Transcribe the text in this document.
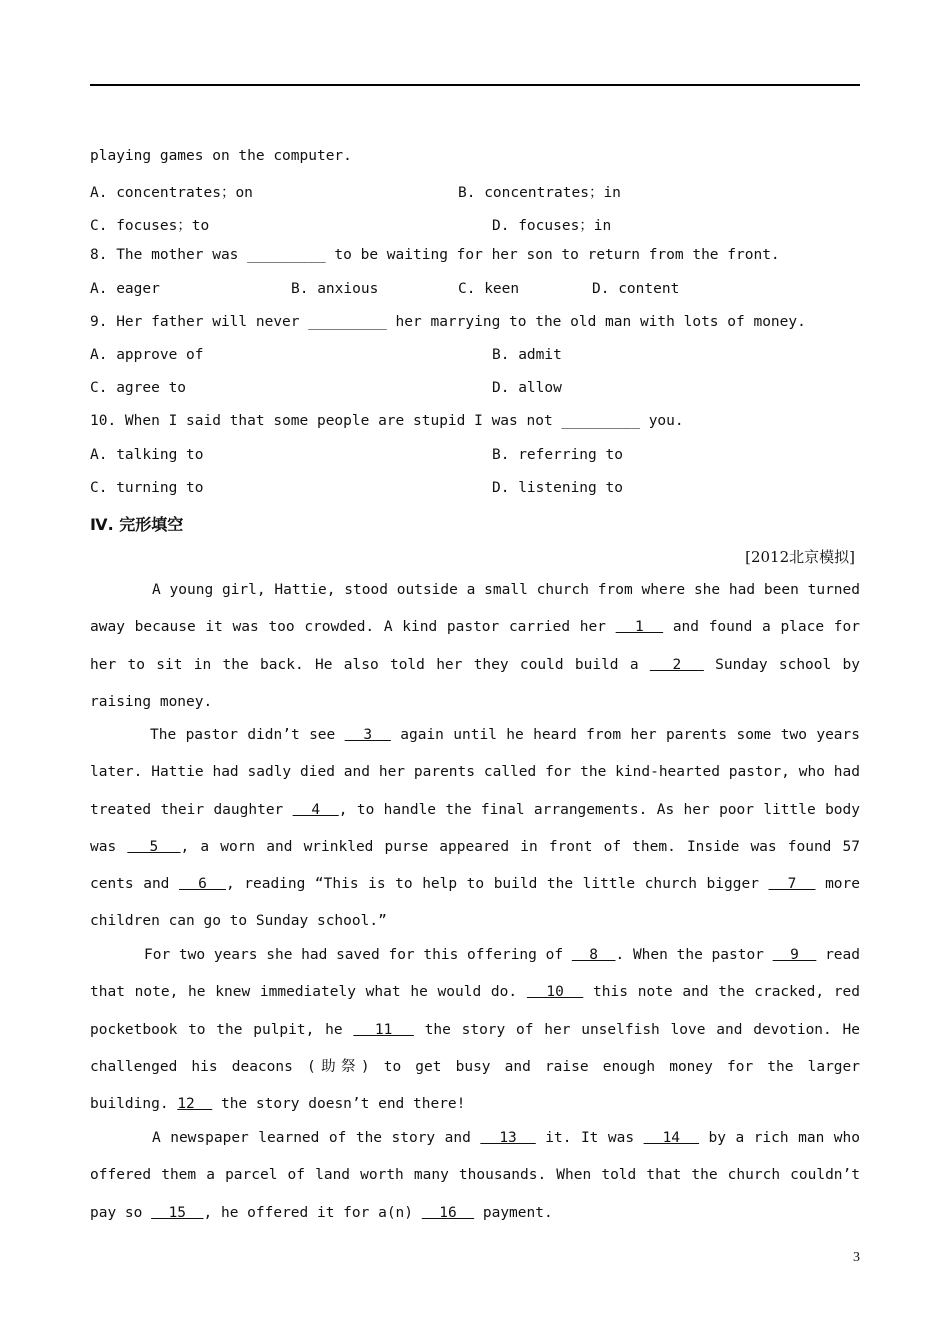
playing games on the computer.
A. concentrates；on	B. concentrates；in
C. focuses；to	D. focuses；in
8. The mother was _________ to be waiting for her son to return from the front.
A. eager	B. anxious	C. keen	D. content
9. Her father will never _________ her marrying to the old man with lots of money.
A. approve of	B. admit
C. agree to	D. allow
10. When I said that some people are stupid I was not _________ you.
A. talking to	B. referring to
C. turning to	D. listening to
Ⅳ. 完形填空
[2012北京模拟]

A young girl, Hattie, stood outside a small church from where she had been turned away because it was too crowded. A kind pastor carried her   1   and found a place for her to sit in the back. He also told her they could build a   2   Sunday school by raising money.

The pastor didn’t see   3   again until he heard from her parents some two years later. Hattie had sadly died and her parents called for the kind-hearted pastor, who had treated their daughter   4  , to handle the final arrangements. As her poor little body was   5  , a worn and wrinkled purse appeared in front of them. Inside was found 57 cents and   6  , reading “This is to help to build the little church bigger   7   more children can go to Sunday school.”

For two years she had saved for this offering of   8  . When the pastor   9   read that note, he knew immediately what he would do.   10   this note and the cracked, red pocketbook to the pulpit, he   11   the story of her unselfish love and devotion. He challenged his deacons (助祭) to get busy and raise enough money for the larger building. 12   the story doesn’t end there!

A newspaper learned of the story and   13   it. It was   14   by a rich man who offered them a parcel of land worth many thousands. When told that the church couldn’t pay so   15  , he offered it for a(n)   16   payment.

3
